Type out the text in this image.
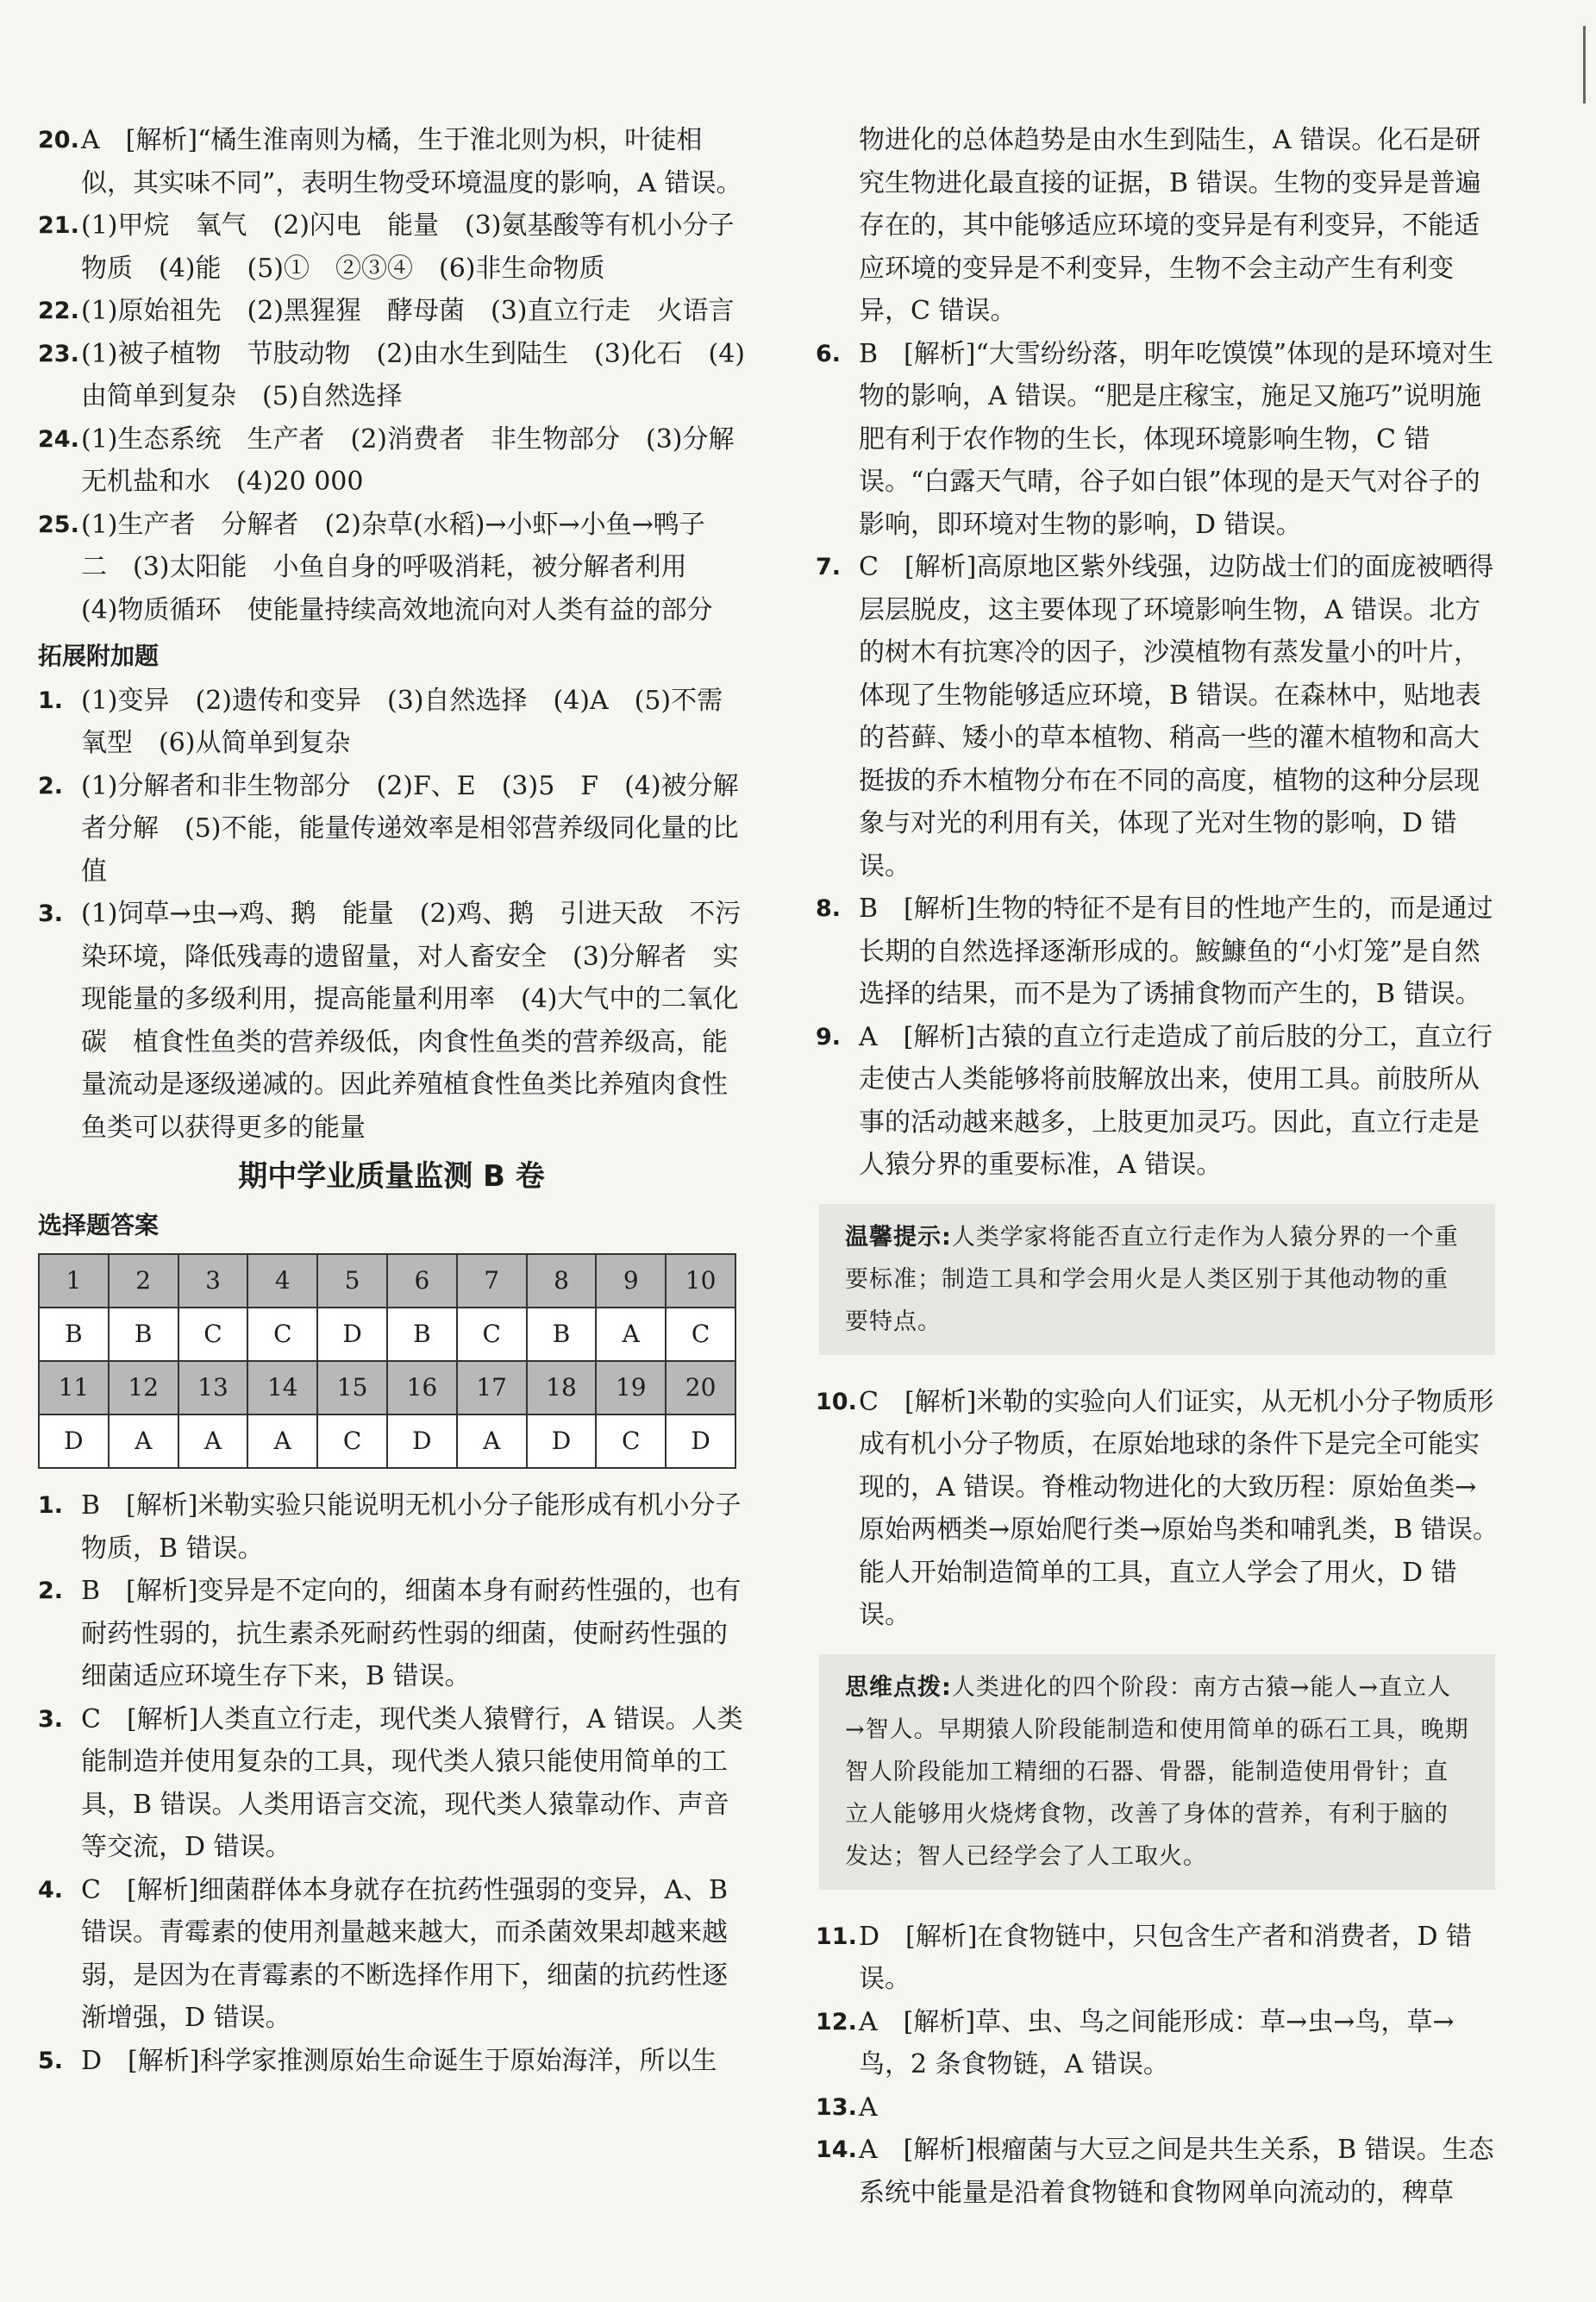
20. A　[解析]“橘生淮南则为橘，生于淮北则为枳，叶徒相似，其实味不同”，表明生物受环境温度的影响，A 错误。

21. (1)甲烷　氧气　(2)闪电　能量　(3)氨基酸等有机小分子物质　(4)能　(5)①　②③④　(6)非生命物质

22. (1)原始祖先　(2)黑猩猩　酵母菌　(3)直立行走　火语言

23. (1)被子植物　节肢动物　(2)由水生到陆生　(3)化石　(4)由简单到复杂　(5)自然选择

24. (1)生态系统　生产者　(2)消费者　非生物部分　(3)分解　无机盐和水　(4)20 000

25. (1)生产者　分解者　(2)杂草(水稻)→小虾→小鱼→鸭子　二　(3)太阳能　小鱼自身的呼吸消耗，被分解者利用　(4)物质循环　使能量持续高效地流向对人类有益的部分

拓展附加题

1. (1)变异　(2)遗传和变异　(3)自然选择　(4)A　(5)不需氧型　(6)从简单到复杂

2. (1)分解者和非生物部分　(2)F、E　(3)5　F　(4)被分解者分解　(5)不能，能量传递效率是相邻营养级同化量的比值

3. (1)饲草→虫→鸡、鹅　能量　(2)鸡、鹅　引进天敌　不污染环境，降低残毒的遗留量，对人畜安全　(3)分解者　实现能量的多级利用，提高能量利用率　(4)大气中的二氧化碳　植食性鱼类的营养级低，肉食性鱼类的营养级高，能量流动是逐级递减的。因此养殖植食性鱼类比养殖肉食性鱼类可以获得更多的能量

期中学业质量监测 B 卷
选择题答案
1	2	3	4	5	6	7	8	9	10
B	B	C	C	D	B	C	B	A	C
11	12	13	14	15	16	17	18	19	20
D	A	A	A	C	D	A	D	C	D

1. B　[解析]米勒实验只能说明无机小分子能形成有机小分子物质，B 错误。

2. B　[解析]变异是不定向的，细菌本身有耐药性强的，也有耐药性弱的，抗生素杀死耐药性弱的细菌，使耐药性强的细菌适应环境生存下来，B 错误。

3. C　[解析]人类直立行走，现代类人猿臂行，A 错误。人类能制造并使用复杂的工具，现代类人猿只能使用简单的工具，B 错误。人类用语言交流，现代类人猿靠动作、声音等交流，D 错误。

4. C　[解析]细菌群体本身就存在抗药性强弱的变异，A、B错误。青霉素的使用剂量越来越大，而杀菌效果却越来越弱，是因为在青霉素的不断选择作用下，细菌的抗药性逐渐增强，D 错误。

5. D　[解析]科学家推测原始生命诞生于原始海洋，所以生

物进化的总体趋势是由水生到陆生，A 错误。化石是研究生物进化最直接的证据，B 错误。生物的变异是普遍存在的，其中能够适应环境的变异是有利变异，不能适应环境的变异是不利变异，生物不会主动产生有利变异，C 错误。

6. B　[解析]“大雪纷纷落，明年吃馍馍”体现的是环境对生物的影响，A 错误。“肥是庄稼宝，施足又施巧”说明施肥有利于农作物的生长，体现环境影响生物，C 错误。“白露天气晴，谷子如白银”体现的是天气对谷子的影响，即环境对生物的影响，D 错误。

7. C　[解析]高原地区紫外线强，边防战士们的面庞被晒得层层脱皮，这主要体现了环境影响生物，A 错误。北方的树木有抗寒冷的因子，沙漠植物有蒸发量小的叶片，体现了生物能够适应环境，B 错误。在森林中，贴地表的苔藓、矮小的草本植物、稍高一些的灌木植物和高大挺拔的乔木植物分布在不同的高度，植物的这种分层现象与对光的利用有关，体现了光对生物的影响，D 错误。

8. B　[解析]生物的特征不是有目的性地产生的，而是通过长期的自然选择逐渐形成的。鮟鱇鱼的“小灯笼”是自然选择的结果，而不是为了诱捕食物而产生的，B 错误。

9. A　[解析]古猿的直立行走造成了前后肢的分工，直立行走使古人类能够将前肢解放出来，使用工具。前肢所从事的活动越来越多，上肢更加灵巧。因此，直立行走是人猿分界的重要标准，A 错误。

温馨提示:人类学家将能否直立行走作为人猿分界的一个重要标准；制造工具和学会用火是人类区别于其他动物的重要特点。

10. C　[解析]米勒的实验向人们证实，从无机小分子物质形成有机小分子物质，在原始地球的条件下是完全可能实现的，A 错误。脊椎动物进化的大致历程：原始鱼类→原始两栖类→原始爬行类→原始鸟类和哺乳类，B 错误。能人开始制造简单的工具，直立人学会了用火，D 错误。

思维点拨:人类进化的四个阶段：南方古猿→能人→直立人→智人。早期猿人阶段能制造和使用简单的砾石工具，晚期智人阶段能加工精细的石器、骨器，能制造使用骨针；直立人能够用火烧烤食物，改善了身体的营养，有利于脑的发达；智人已经学会了人工取火。

11. D　[解析]在食物链中，只包含生产者和消费者，D 错误。

12. A　[解析]草、虫、鸟之间能形成：草→虫→鸟，草→鸟，2 条食物链，A 错误。

13. A

14. A　[解析]根瘤菌与大豆之间是共生关系，B 错误。生态系统中能量是沿着食物链和食物网单向流动的，稗草
